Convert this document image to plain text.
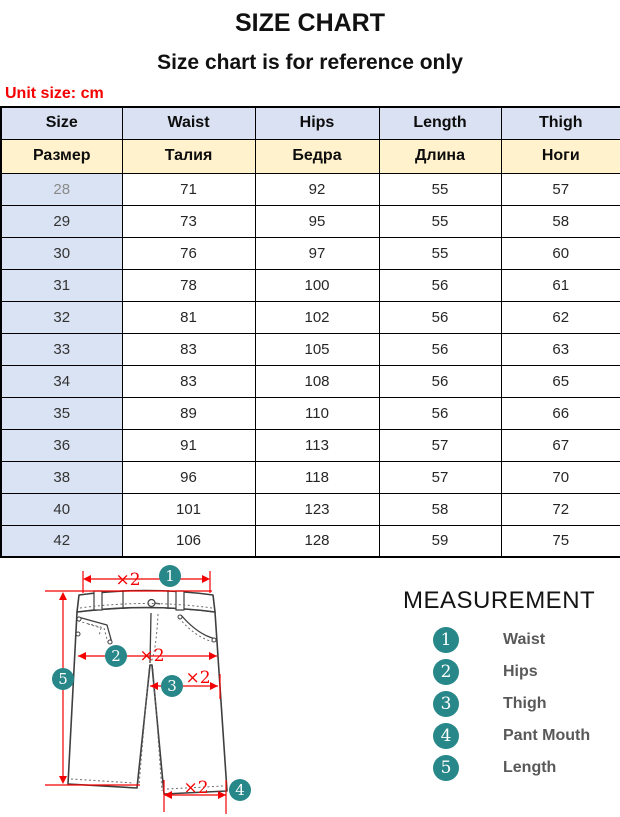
SIZE CHART
Size chart is for reference only
Unit size: cm
Size	Waist	Hips	Length	Thigh
Размер	Талия	Бедра	Длина	Ноги
28	71	92	55	57
29	73	95	55	58
30	76	97	55	60
31	78	100	56	61
32	81	102	56	62
33	83	105	56	63
34	83	108	56	65
35	89	110	56	66
36	91	113	57	67
38	96	118	57	70
40	101	123	58	72
42	106	128	59	75
×2
×2
×2
×2
1
2
3
4
5
MEASUREMENT
1	Waist
2	Hips
3	Thigh
4	Pant Mouth
5	Length
